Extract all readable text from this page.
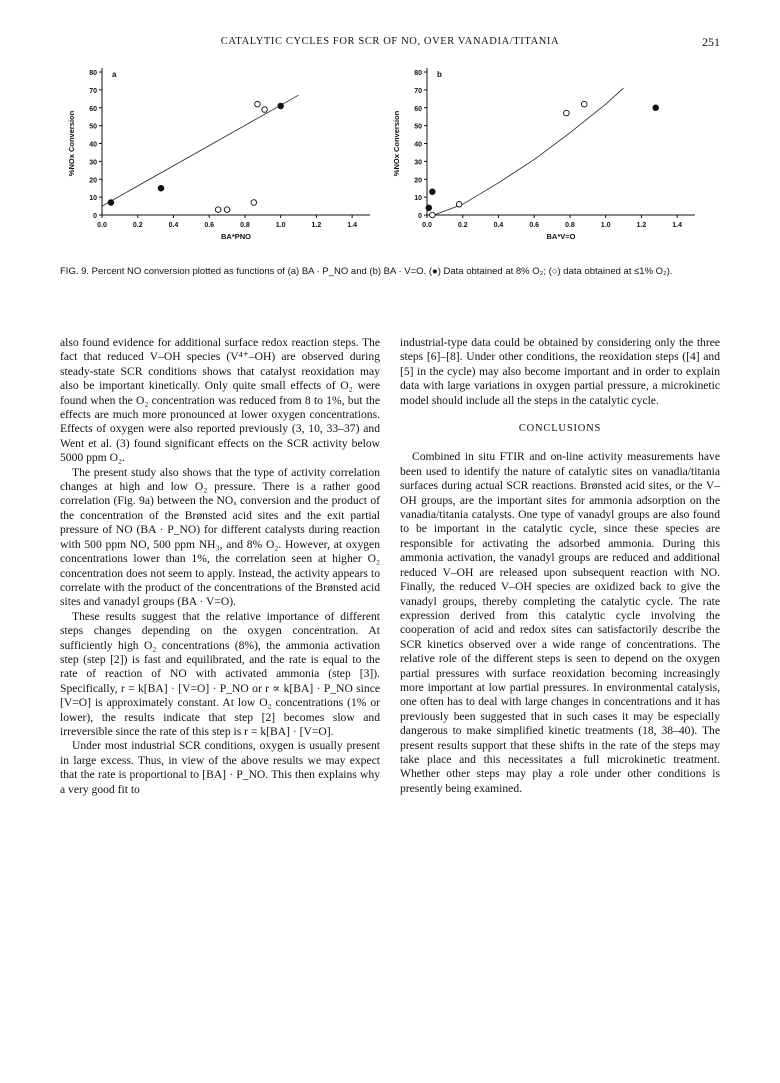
CATALYTIC CYCLES FOR SCR OF NO, OVER VANADIA/TITANIA	251
0
10
20
30
40
50
60
70
80
0.0	0.2	0.4	0.6	0.8	1.0	1.2	1.4
BA*PNO
%NOx Conversion
a
0
10
20
30
40
50
60
70
80
0.0	0.2	0.4	0.6	0.8	1.0	1.2	1.4
BA*V=O
%NOx Conversion
b
FIG. 9. Percent NO conversion plotted as functions of (a) BA · P_NO and (b) BA · V=O. (●) Data obtained at 8% O₂; (○) data obtained at ≤1% O₂).

also found evidence for additional surface redox reaction steps. The fact that reduced V–OH species (V⁴⁺–OH) are observed during steady-state SCR conditions shows that catalyst reoxidation may also be important kinetically. Only quite small effects of O₂ were found when the O₂ concentration was reduced from 8 to 1%, but the effects are much more pronounced at lower oxygen concentrations. Effects of oxygen were also reported previously (3, 10, 33–37) and Went et al. (3) found significant effects on the SCR activity below 5000 ppm O₂.

The present study also shows that the type of activity correlation changes at high and low O₂ pressure. There is a rather good correlation (Fig. 9a) between the NOₓ conversion and the product of the concentration of the Brønsted acid sites and the exit partial pressure of NO (BA · P_NO) for different catalysts during reaction with 500 ppm NO, 500 ppm NH₃, and 8% O₂. However, at oxygen concentrations lower than 1%, the correlation seen at higher O₂ concentration does not seem to apply. Instead, the activity appears to correlate with the product of the concentrations of the Brønsted acid sites and vanadyl groups (BA · V=O).

These results suggest that the relative importance of different steps changes depending on the oxygen concentration. At sufficiently high O₂ concentrations (8%), the ammonia activation step (step [2]) is fast and equilibrated, and the rate is equal to the rate of reaction of NO with activated ammonia (step [3]). Specifically, r = k[BA] · [V=O] · P_NO or r ∝ k[BA] · P_NO since [V=O] is approximately constant. At low O₂ concentrations (1% or lower), the results indicate that step [2] becomes slow and irreversible since the rate of this step is r = k[BA] · [V=O].

Under most industrial SCR conditions, oxygen is usually present in large excess. Thus, in view of the above results we may expect that the rate is proportional to [BA] · P_NO. This then explains why a very good fit to

industrial-type data could be obtained by considering only the three steps [6]–[8]. Under other conditions, the reoxidation steps ([4] and [5] in the cycle) may also become important and in order to explain data with large variations in oxygen partial pressure, a microkinetic model should include all the steps in the catalytic cycle.

CONCLUSIONS

Combined in situ FTIR and on-line activity measurements have been used to identify the nature of catalytic sites on vanadia/titania surfaces during actual SCR reactions. Brønsted acid sites, or the V–OH groups, are the important sites for ammonia adsorption on the vanadia/titania catalysts. One type of vanadyl groups are also found to be important in the catalytic cycle, since these species are responsible for activating the adsorbed ammonia. During this ammonia activation, the vanadyl groups are reduced and additional reduced V–OH are released upon subsequent reaction with NO. Finally, the reduced V–OH species are oxidized back to give the vanadyl groups, thereby completing the catalytic cycle. The rate expression derived from this catalytic cycle involving the cooperation of acid and redox sites can satisfactorily describe the SCR kinetics observed over a wide range of concentrations. The relative role of the different steps is seen to depend on the oxygen partial pressures with surface reoxidation becoming increasingly more important at low partial pressures. In environmental catalysis, one often has to deal with large changes in concentrations and it has previously been suggested that in such cases it may be especially dangerous to make simplified kinetic treatments (18, 38–40). The present results support that these shifts in the rate of the steps may take place and this necessitates a full microkinetic treatment. Whether other steps may play a role under other conditions is presently being examined.
